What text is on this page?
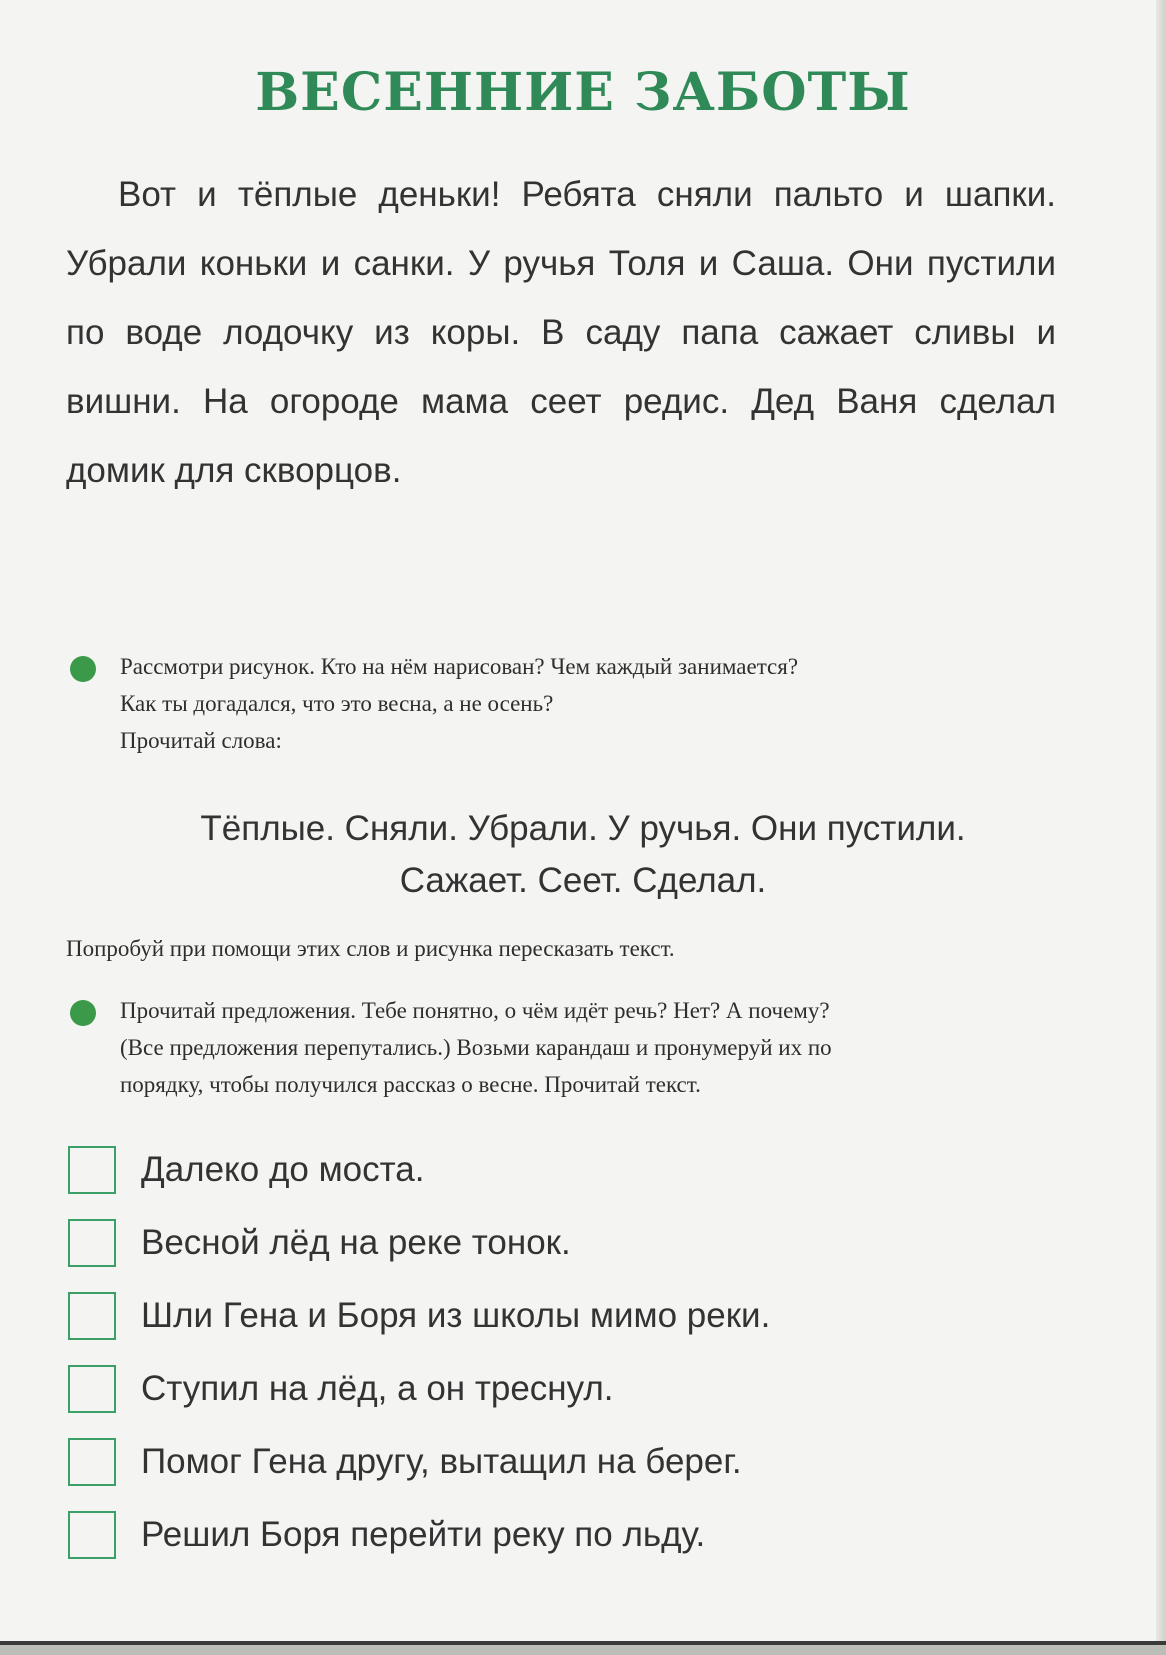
ВЕСЕННИЕ ЗАБОТЫ
Вот и тёплые деньки! Ребята сняли пальто и шапки. Убрали коньки и санки. У ручья Толя и Саша. Они пустили по воде лодочку из коры. В саду папа сажает сливы и вишни. На огороде мама сеет редис. Дед Ваня сделал домик для скворцов.
Рассмотри рисунок. Кто на нём нарисован? Чем каждый занимается?
Как ты догадался, что это весна, а не осень?
Прочитай слова:
Тёплые. Сняли. Убрали. У ручья. Они пустили.
Сажает. Сеет. Сделал.
Попробуй при помощи этих слов и рисунка пересказать текст.
Прочитай предложения. Тебе понятно, о чём идёт речь? Нет? А почему?
(Все предложения перепутались.) Возьми карандаш и пронумеруй их по
порядку, чтобы получился рассказ о весне. Прочитай текст.
Далеко до моста.
Весной лёд на реке тонок.
Шли Гена и Боря из школы мимо реки.
Ступил на лёд, а он треснул.
Помог Гена другу, вытащил на берег.
Решил Боря перейти реку по льду.
